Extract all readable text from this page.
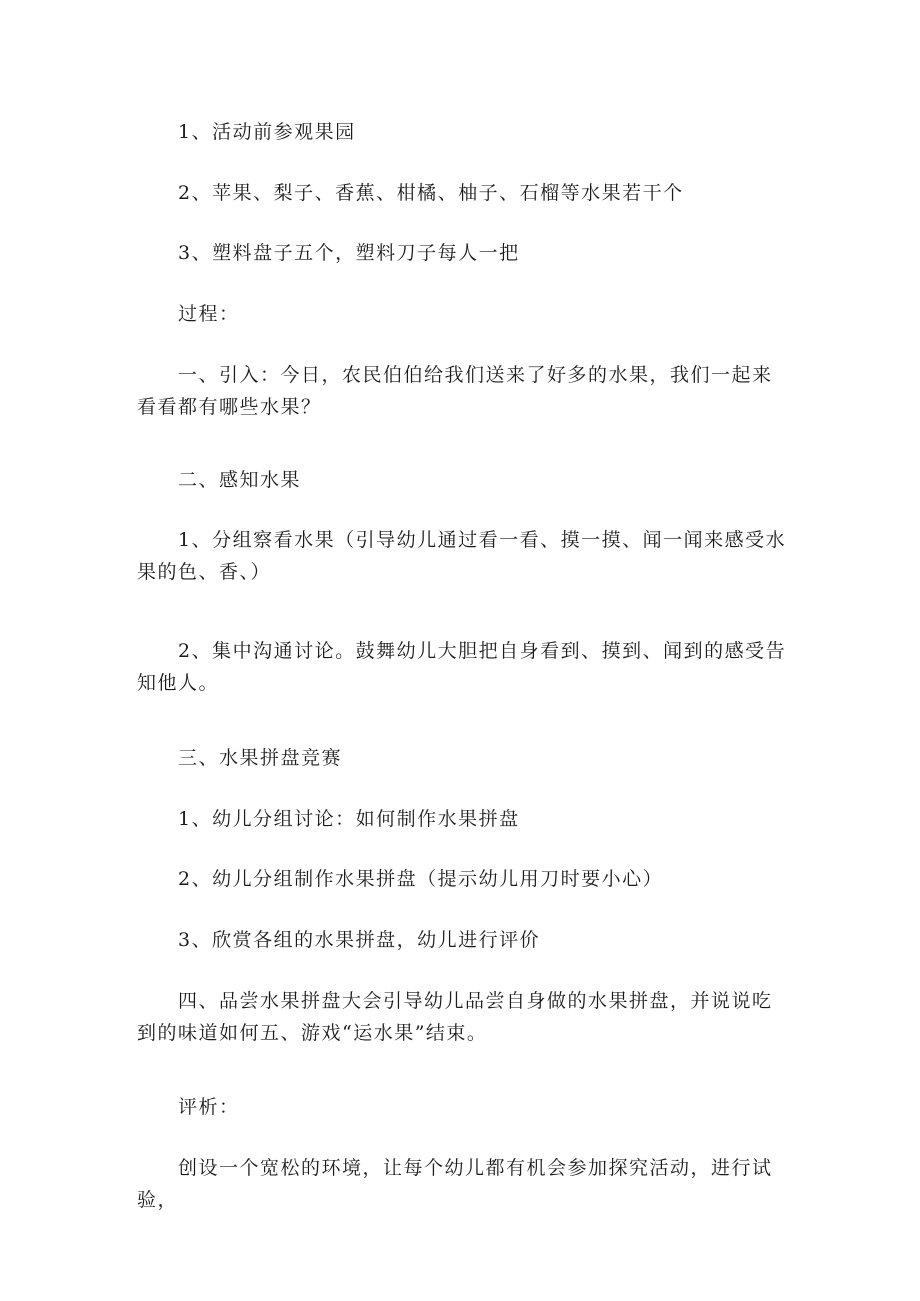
1、活动前参观果园

2、苹果、梨子、香蕉、柑橘、柚子、石榴等水果若干个

3、塑料盘子五个，塑料刀子每人一把

过程：

一、引入：今日，农民伯伯给我们送来了好多的水果，我们一起来看看都有哪些水果？

二、感知水果

1、分组察看水果（引导幼儿通过看一看、摸一摸、闻一闻来感受水果的色、香、）

2、集中沟通讨论。鼓舞幼儿大胆把自身看到、摸到、闻到的感受告知他人。

三、水果拼盘竞赛

1、幼儿分组讨论：如何制作水果拼盘

2、幼儿分组制作水果拼盘（提示幼儿用刀时要小心）

3、欣赏各组的水果拼盘，幼儿进行评价

四、品尝水果拼盘大会引导幼儿品尝自身做的水果拼盘，并说说吃到的味道如何五、游戏“运水果”结束。

评析：

创设一个宽松的环境，让每个幼儿都有机会参加探究活动，进行试验，
